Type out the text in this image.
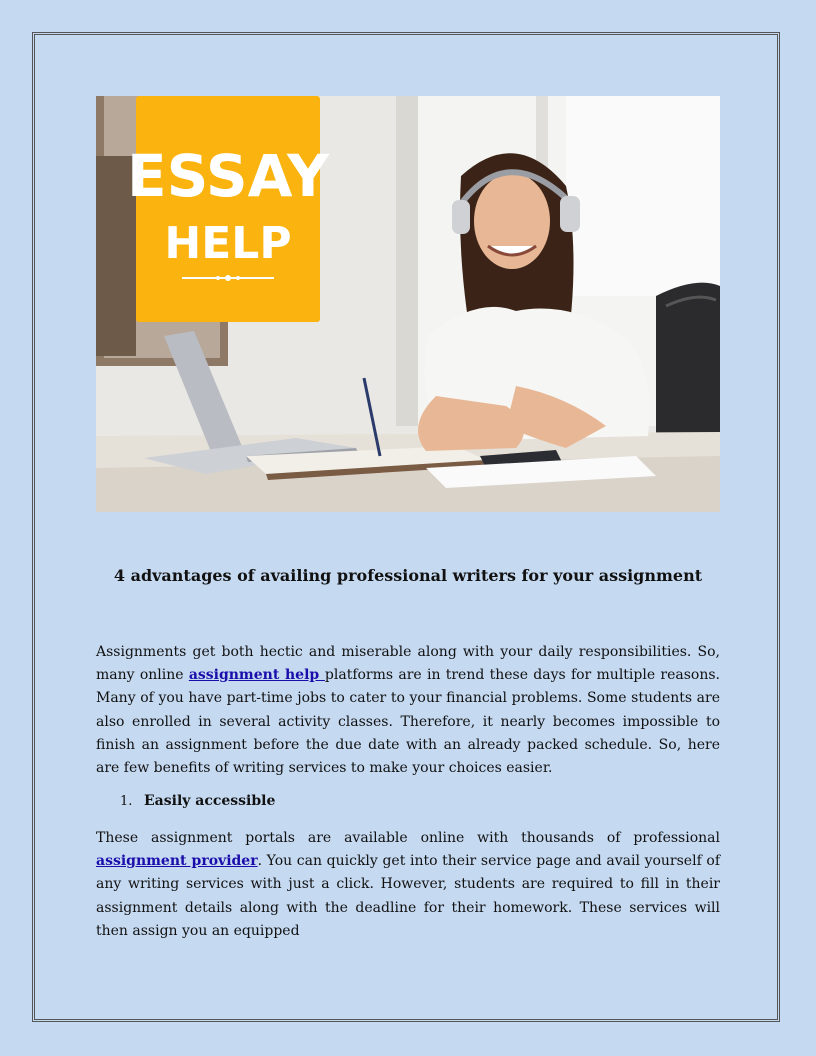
ESSAY
HELP
4 advantages of availing professional writers for your assignment

Assignments get both hectic and miserable along with your daily responsibilities. So, many online assignment help platforms are in trend these days for multiple reasons. Many of you have part-time jobs to cater to your financial problems. Some students are also enrolled in several activity classes. Therefore, it nearly becomes impossible to finish an assignment before the due date with an already packed schedule. So, here are few benefits of writing services to make your choices easier.

1. Easily accessible

These assignment portals are available online with thousands of professional assignment provider. You can quickly get into their service page and avail yourself of any writing services with just a click. However, students are required to fill in their assignment details along with the deadline for their homework. These services will then assign you an equipped
